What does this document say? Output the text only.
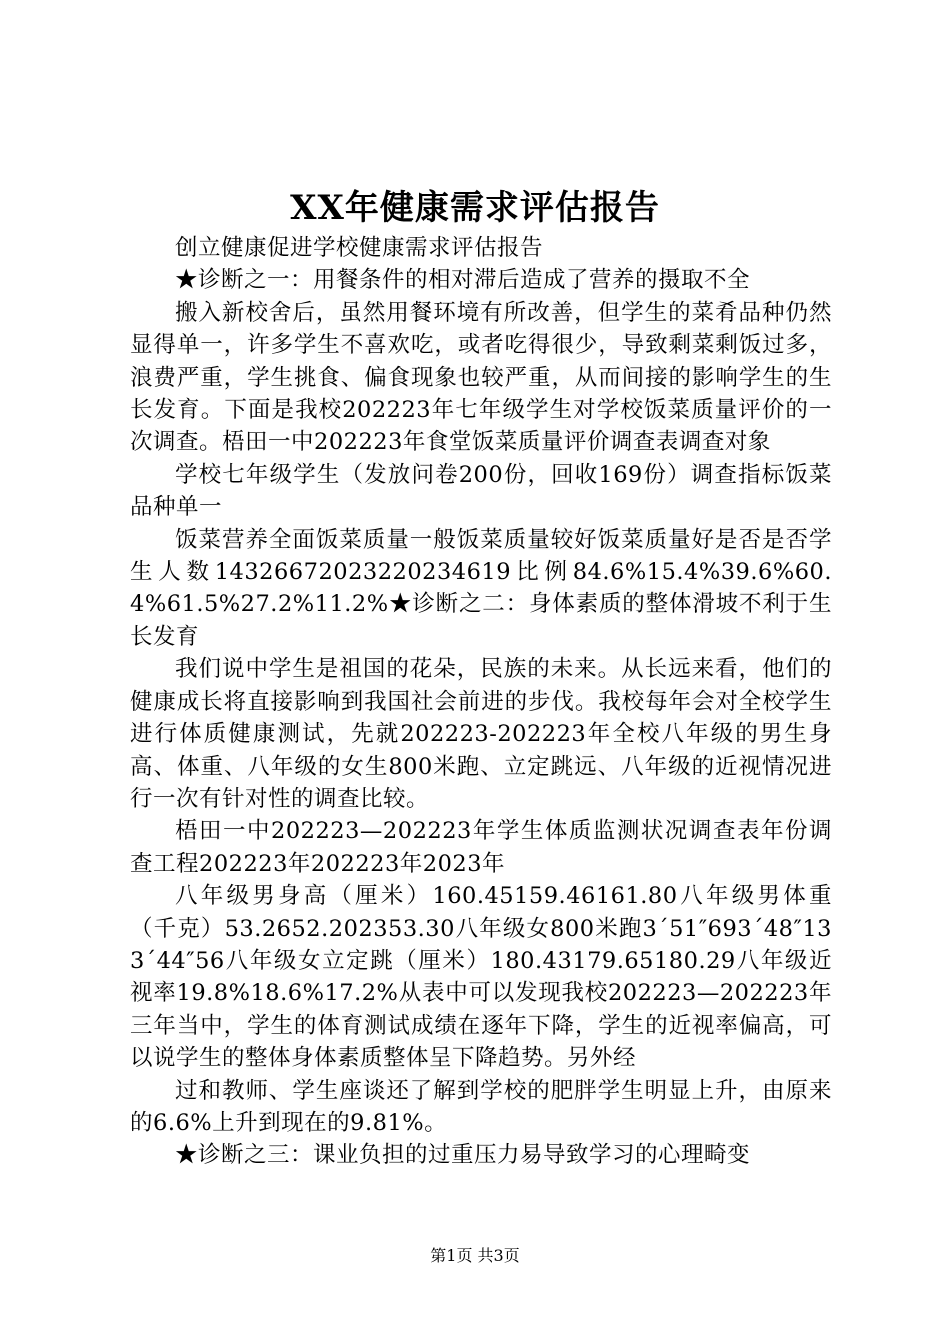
XX年健康需求评估报告

创立健康促进学校健康需求评估报告

★诊断之一：用餐条件的相对滞后造成了营养的摄取不全

搬入新校舍后，虽然用餐环境有所改善，但学生的菜肴品种仍然显得单一，许多学生不喜欢吃，或者吃得很少，导致剩菜剩饭过多，浪费严重，学生挑食、偏食现象也较严重，从而间接的影响学生的生长发育。下面是我校202223年七年级学生对学校饭菜质量评价的一次调查。梧田一中202223年食堂饭菜质量评价调查表调查对象

学校七年级学生（发放问卷200份，回收169份）调查指标饭菜品种单一

饭菜营养全面饭菜质量一般饭菜质量较好饭菜质量好是否是否学生人数14326672023220234619比例84.6%15.4%39.6%60.4%61.5%27.2%11.2%★诊断之二：身体素质的整体滑坡不利于生长发育

我们说中学生是祖国的花朵，民族的未来。从长远来看，他们的健康成长将直接影响到我国社会前进的步伐。我校每年会对全校学生进行体质健康测试，先就202223-202223年全校八年级的男生身高、体重、八年级的女生800米跑、立定跳远、八年级的近视情况进行一次有针对性的调查比较。

梧田一中202223—202223年学生体质监测状况调查表年份调查工程202223年202223年2023年

八年级男身高（厘米）160.45159.46161.80八年级男体重（千克）53.2652.202353.30八年级女800米跑3´51″693´48″133´44″56八年级女立定跳（厘米）180.43179.65180.29八年级近视率19.8%18.6%17.2%从表中可以发现我校202223—202223年三年当中，学生的体育测试成绩在逐年下降，学生的近视率偏高，可以说学生的整体身体素质整体呈下降趋势。另外经

过和教师、学生座谈还了解到学校的肥胖学生明显上升，由原来的6.6%上升到现在的9.81%。

★诊断之三：课业负担的过重压力易导致学习的心理畸变

第1页 共3页
